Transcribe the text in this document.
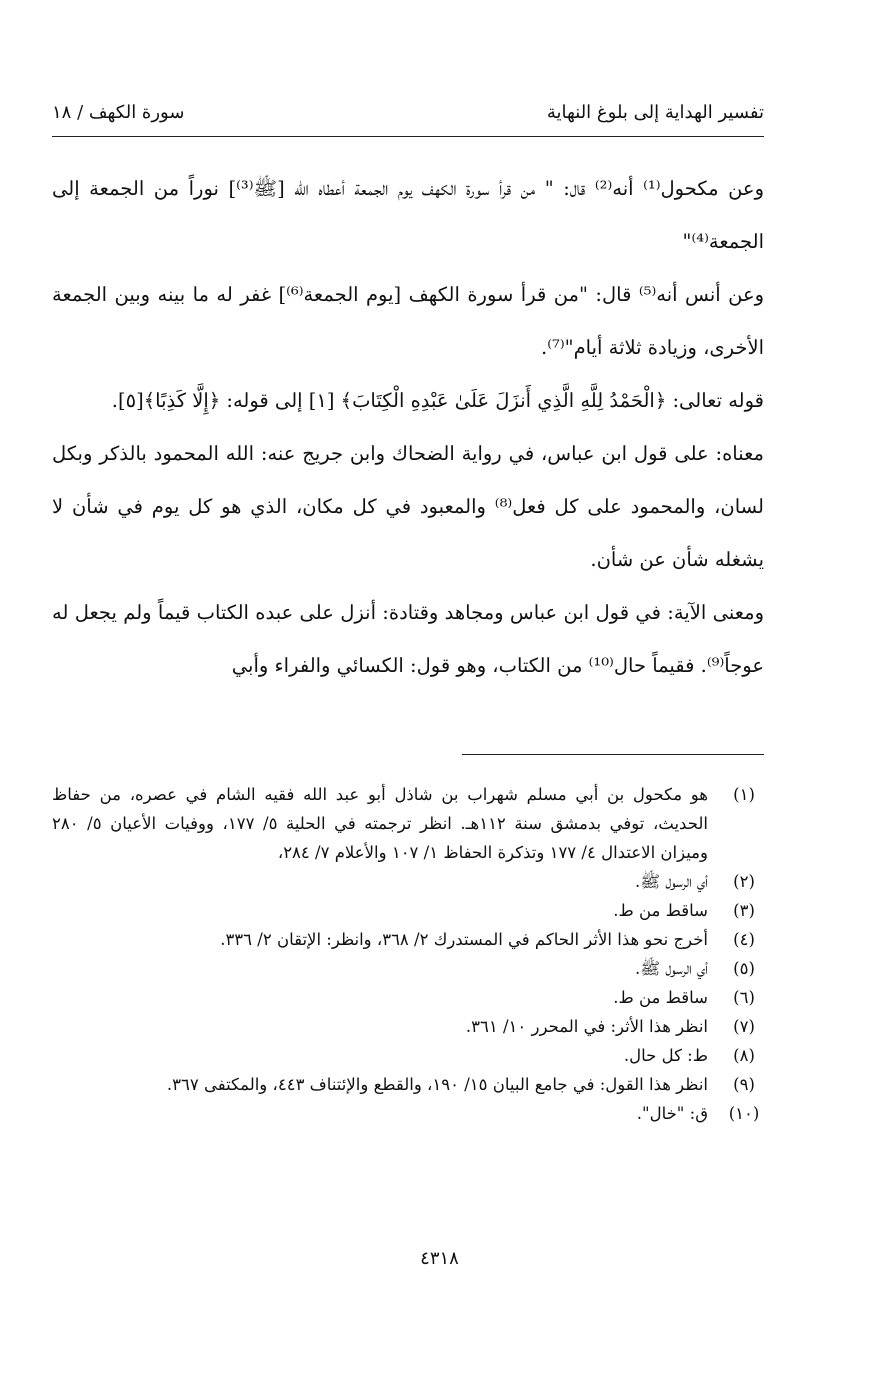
تفسير الهداية إلى بلوغ النهاية
سورة الكهف / ١٨

وعن مكحول⁽¹⁾ أنه⁽²⁾ قال: " من قرأ سورة الكهف يوم الجمعة أعطاه الله [ﷺ⁽³⁾] نوراً من الجمعة إلى الجمعة⁽⁴⁾"

وعن أنس أنه⁽⁵⁾ قال: "من قرأ سورة الكهف [يوم الجمعة⁽⁶⁾] غفر له ما بينه وبين الجمعة الأخرى، وزيادة ثلاثة أيام"⁽⁷⁾.

قوله تعالى: ﴿الْحَمْدُ لِلَّهِ الَّذِي أَنزَلَ عَلَىٰ عَبْدِهِ الْكِتَابَ﴾ [١] إلى قوله: ﴿إِلَّا كَذِبًا﴾[٥].

معناه: على قول ابن عباس، في رواية الضحاك وابن جريج عنه: الله المحمود بالذكر وبكل لسان، والمحمود على كل فعل⁽⁸⁾ والمعبود في كل مكان، الذي هو كل يوم في شأن لا يشغله شأن عن شأن.

ومعنى الآية: في قول ابن عباس ومجاهد وقتادة: أنزل على عبده الكتاب قيماً ولم يجعل له عوجاً⁽⁹⁾. فقيماً حال⁽¹⁰⁾ من الكتاب، وهو قول: الكسائي والفراء وأبي

(١)
هو مكحول بن أبي مسلم شهراب بن شاذل أبو عبد الله فقيه الشام في عصره، من حفاظ الحديث، توفي بدمشق سنة ١١٢هـ. انظر ترجمته في الحلية ٥/ ١٧٧، ووفيات الأعيان ٥/ ٢٨٠ وميزان الاعتدال ٤/ ١٧٧ وتذكرة الحفاظ ١/ ١٠٧ والأعلام ٧/ ٢٨٤،
(٢)
أي الرسول ﷺ.
(٣)
ساقط من ط.
(٤)
أخرج نحو هذا الأثر الحاكم في المستدرك ٢/ ٣٦٨، وانظر: الإتقان ٢/ ٣٣٦.
(٥)
أي الرسول ﷺ.
(٦)
ساقط من ط.
(٧)
انظر هذا الأثر: في المحرر ١٠/ ٣٦١.
(٨)
ط: كل حال.
(٩)
انظر هذا القول: في جامع البيان ١٥/ ١٩٠، والقطع والإئتناف ٤٤٣، والمكتفى ٣٦٧.
(١٠)
ق: "خال".
٤٣١٨
